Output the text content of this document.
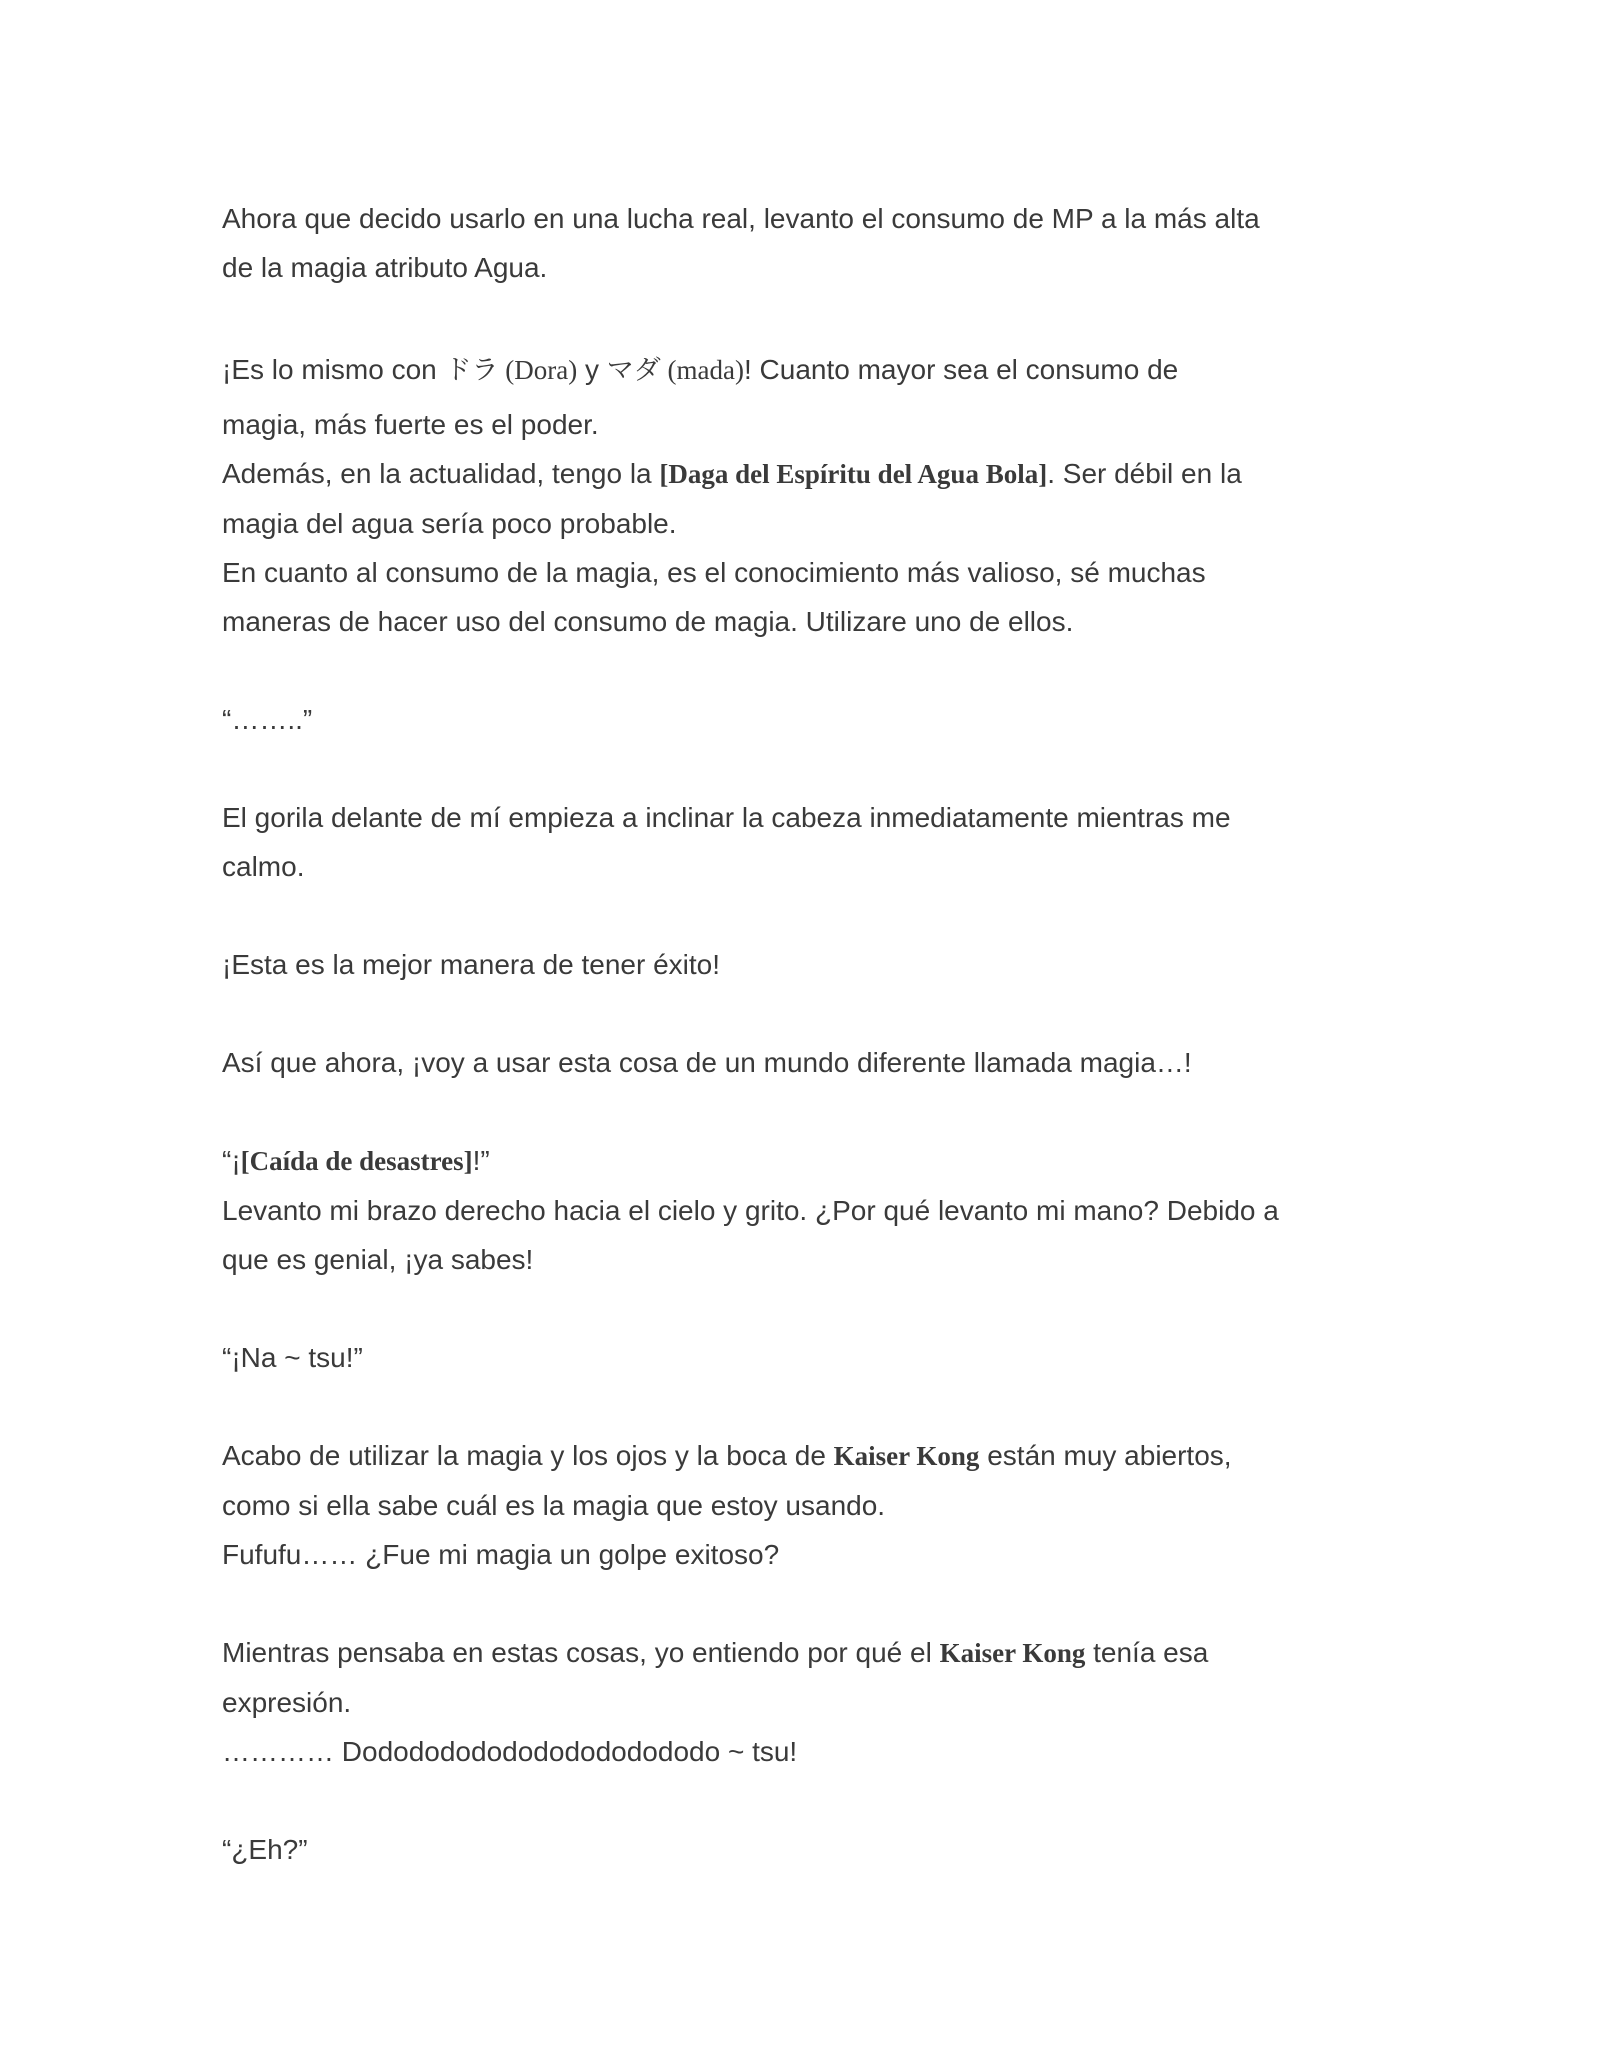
Ahora que decido usarlo en una lucha real, levanto el consumo de MP a la más alta

de la magia atributo Agua.

¡Es lo mismo con ドラ (Dora) y マダ (mada)! Cuanto mayor sea el consumo de

magia, más fuerte es el poder.

Además, en la actualidad, tengo la [Daga del Espíritu del Agua Bola]. Ser débil en la

magia del agua sería poco probable.

En cuanto al consumo de la magia, es el conocimiento más valioso, sé muchas

maneras de hacer uso del consumo de magia. Utilizare uno de ellos.

“……..”

El gorila delante de mí empieza a inclinar la cabeza inmediatamente mientras me

calmo.

¡Esta es la mejor manera de tener éxito!

Así que ahora, ¡voy a usar esta cosa de un mundo diferente llamada magia…!

“¡[Caída de desastres]!”

Levanto mi brazo derecho hacia el cielo y grito. ¿Por qué levanto mi mano? Debido a

que es genial, ¡ya sabes!

“¡Na ~ tsu!”

Acabo de utilizar la magia y los ojos y la boca de Kaiser Kong están muy abiertos,

como si ella sabe cuál es la magia que estoy usando.

Fufufu…… ¿Fue mi magia un golpe exitoso?

Mientras pensaba en estas cosas, yo entiendo por qué el Kaiser Kong tenía esa

expresión.

………… Dodododododododododododo ~ tsu!

“¿Eh?”
